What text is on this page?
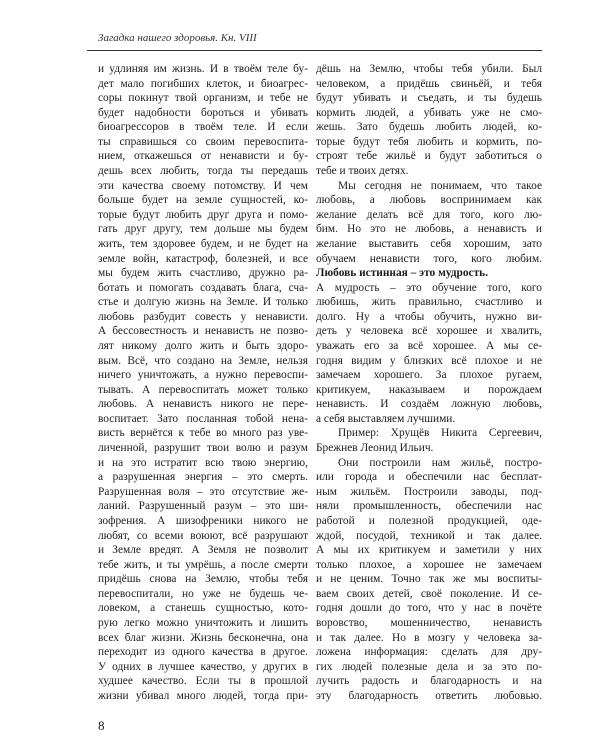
Загадка нашего здоровья. Кн. VIII
и удлиняя им жизнь. И в твоём теле бу-
дет мало погибших клеток, и биоагрес-
соры покинут твой организм, и тебе не
будет надобности бороться и убивать
биоагрессоров в твоём теле. И если
ты справишься со своим перевоспита-
нием, откажешься от ненависти и бу-
дешь всех любить, тогда ты передашь
эти качества своему потомству. И чем
больше будет на земле сущностей, ко-
торые будут любить друг друга и помо-
гать друг другу, тем дольше мы будем
жить, тем здоровее будем, и не будет на
земле войн, катастроф, болезней, и все
мы будем жить счастливо, дружно ра-
ботать и помогать создавать блага, сча-
стье и долгую жизнь на Земле. И только
любовь разбудит совесть у ненависти.
А бессовестность и ненависть не позво-
лят никому долго жить и быть здоро-
вым. Всё, что создано на Земле, нельзя
ничего уничтожать, а нужно перевоспи-
тывать. А перевоспитать может только
любовь. А ненависть никого не пере-
воспитает. Зато посланная тобой нена-
висть вернётся к тебе во много раз уве-
личенной, разрушит твои волю и разум
и на это истратит всю твою энергию,
а разрушенная энергия – это смерть.
Разрушенная воля – это отсутствие же-
ланий. Разрушенный разум – это ши-
зофрения. А шизофреники никого не
любят, со всеми воюют, всё разрушают
и Земле вредят. А Земля не позволит
тебе жить, и ты умрёшь, а после смерти
придёшь снова на Землю, чтобы тебя
перевоспитали, но уже не будешь че-
ловеком, а станешь сущностью, кото-
рую легко можно уничтожить и лишить
всех благ жизни. Жизнь бесконечна, она
переходит из одного качества в другое.
У одних в лучшее качество, у других в
худшее качество. Если ты в прошлой
жизни убивал много людей, тогда при-
дёшь на Землю, чтобы тебя убили. Был
человеком, а придёшь свиньёй, и тебя
будут убивать и съедать, и ты будешь
кормить людей, а убивать уже не смо-
жешь. Зато будешь любить людей, ко-
торые будут тебя любить и кормить, по-
строят тебе жильё и будут заботиться о
тебе и твоих детях.
Мы сегодня не понимаем, что такое
любовь, а любовь воспринимаем как
желание делать всё для того, кого лю-
бим. Но это не любовь, а ненависть и
желание выставить себя хорошим, зато
обучаем ненависти того, кого любим.
Любовь истинная – это мудрость.
А мудрость – это обучение того, кого
любишь, жить правильно, счастливо и
долго. Ну а чтобы обучить, нужно ви-
деть у человека всё хорошее и хвалить,
уважать его за всё хорошее. А мы се-
годня видим у близких всё плохое и не
замечаем хорошего. За плохое ругаем,
критикуем, наказываем и порождаем
ненависть. И создаём ложную любовь,
а себя выставляем лучшими.
Пример: Хрущёв Никита Сергеевич,
Брежнев Леонид Ильич.
Они построили нам жильё, постро-
или города и обеспечили нас бесплат-
ным жильём. Построили заводы, под-
няли промышленность, обеспечили нас
работой и полезной продукцией, оде-
ждой, посудой, техникой и так далее.
А мы их критикуем и заметили у них
только плохое, а хорошее не замечаем
и не ценим. Точно так же мы воспиты-
ваем своих детей, своё поколение. И се-
годня дошли до того, что у нас в почёте
воровство, мошенничество, ненависть
и так далее. Но в мозгу у человека за-
ложена информация: сделать для дру-
гих людей полезные дела и за это по-
лучить радость и благодарность и на
эту благодарность ответить любовью.
8
